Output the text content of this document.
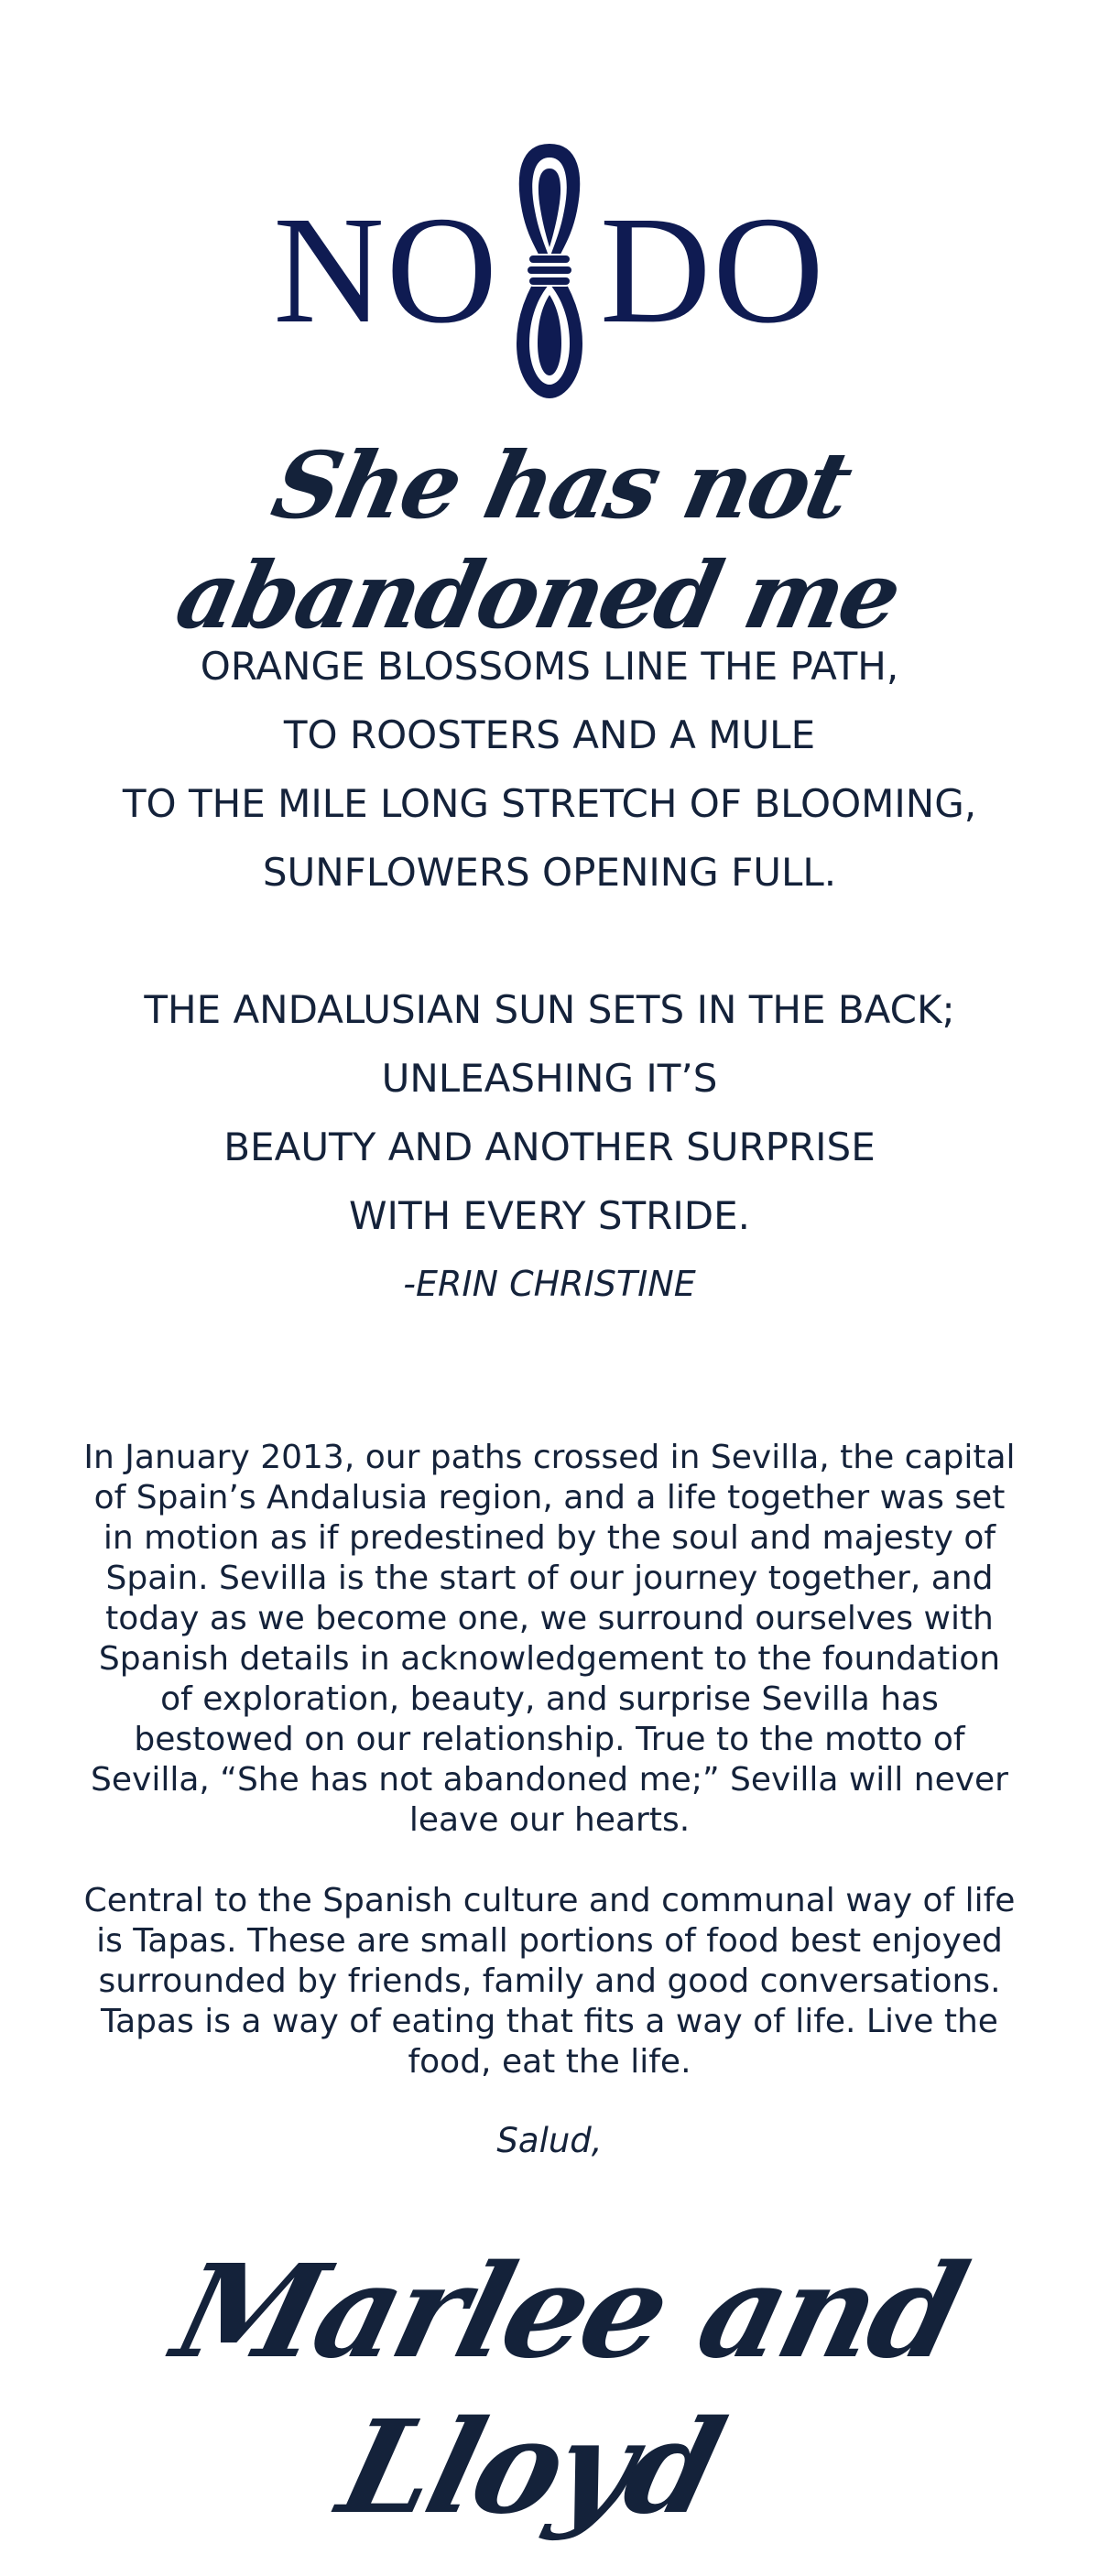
NO DO
She has not abandoned me
ORANGE BLOSSOMS LINE THE PATH,
TO ROOSTERS AND A MULE
TO THE MILE LONG STRETCH OF BLOOMING,
SUNFLOWERS OPENING FULL.
THE ANDALUSIAN SUN SETS IN THE BACK;
UNLEASHING IT’S
BEAUTY AND ANOTHER SURPRISE
WITH EVERY STRIDE.
-ERIN CHRISTINE

In January 2013, our paths crossed in Sevilla, the capital of Spain’s Andalusia region, and a life together was set in motion as if predestined by the soul and majesty of Spain. Sevilla is the start of our journey together, and today as we become one, we surround ourselves with Spanish details in acknowledgement to the foundation of exploration, beauty, and surprise Sevilla has bestowed on our relationship. True to the motto of Sevilla, “She has not abandoned me;” Sevilla will never leave our hearts.

Central to the Spanish culture and communal way of life is Tapas. These are small portions of food best enjoyed surrounded by friends, family and good conversations. Tapas is a way of eating that fits a way of life. Live the food, eat the life.

Salud,
Marlee and Lloyd
